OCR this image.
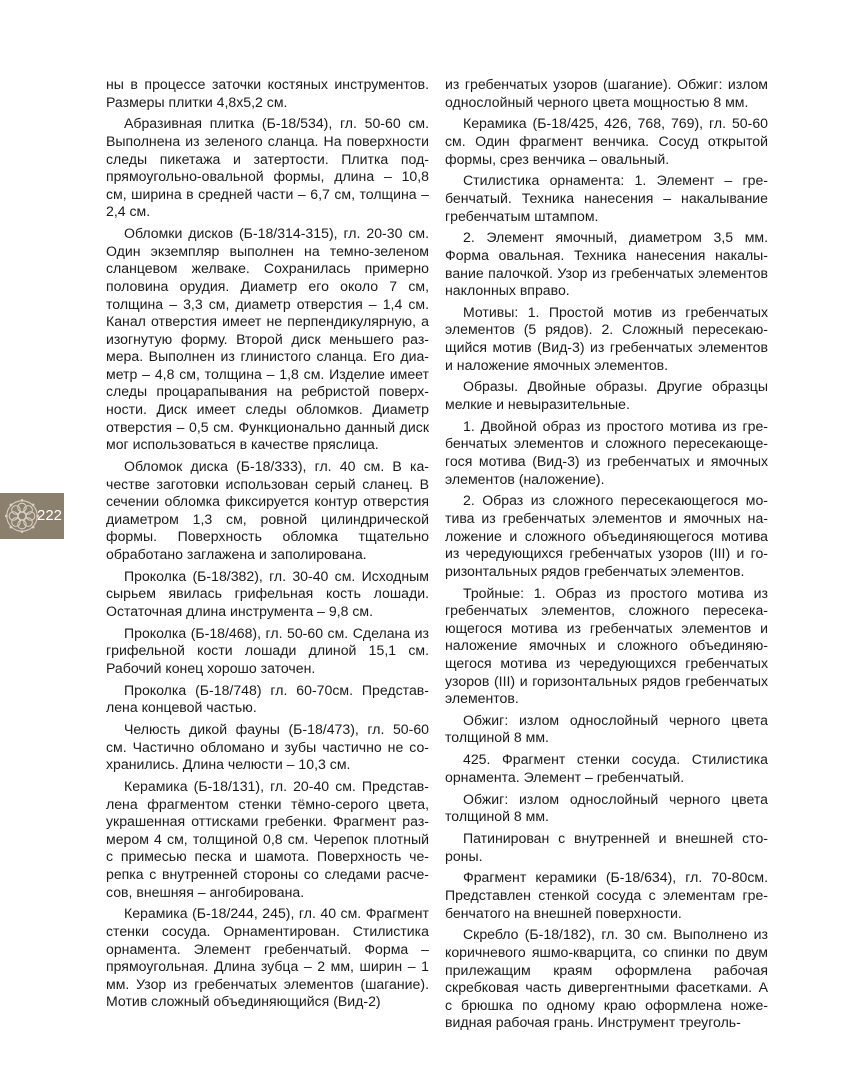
ны в процессе заточки костяных инструментов. Размеры плитки 4,8х5,2 см.

Абразивная плитка (Б-18/534), гл. 50-60 см. Выполнена из зеленого сланца. На поверхности следы пикетажа и затертости. Плитка подпрямоугольно-овальной формы, длина – 10,8 см, ширина в средней части – 6,7 см, толщина – 2,4 см.

Обломки дисков (Б-18/314-315), гл. 20-30 см. Один экземпляр выполнен на темно-зеленом сланцевом желваке. Сохранилась примерно половина орудия. Диаметр его около 7 см, толщина – 3,3 см, диаметр отверстия – 1,4 см. Канал отверстия имеет не перпендикулярную, а изогнутую форму. Второй диск меньшего размера. Выполнен из глинистого сланца. Его диаметр – 4,8 см, толщина – 1,8 см. Изделие имеет следы процарапывания на ребристой поверхности. Диск имеет следы обломков. Диаметр отверстия – 0,5 см. Функционально данный диск мог использоваться в качестве пряслица.

Обломок диска (Б-18/333), гл. 40 см. В качестве заготовки использован серый сланец. В сечении обломка фиксируется контур отверстия диаметром 1,3 см, ровной цилиндрической формы. Поверхность обломка тщательно обработано заглажена и заполирована.

Проколка (Б-18/382), гл. 30-40 см. Исходным сырьем явилась грифельная кость лошади. Остаточная длина инструмента – 9,8 см.

Проколка (Б-18/468), гл. 50-60 см. Сделана из грифельной кости лошади длиной 15,1 см. Рабочий конец хорошо заточен.

Проколка (Б-18/748) гл. 60-70см. Представлена концевой частью.

Челюсть дикой фауны (Б-18/473), гл. 50-60 см. Частично обломано и зубы частично не сохранились. Длина челюсти – 10,3 см.

Керамика (Б-18/131), гл. 20-40 см. Представлена фрагментом стенки тёмно-серого цвета, украшенная оттисками гребенки. Фрагмент размером 4 см, толщиной 0,8 см. Черепок плотный с примесью песка и шамота. Поверхность черепка с внутренней стороны со следами расчесов, внешняя – ангобирована.

Керамика (Б-18/244, 245), гл. 40 см. Фрагмент стенки сосуда. Орнаментирован. Стилистика орнамента. Элемент гребенчатый. Форма – прямоугольная. Длина зубца – 2 мм, ширин – 1 мм. Узор из гребенчатых элементов (шагание). Мотив сложный объединяющийся (Вид-2)

из гребенчатых узоров (шагание). Обжиг: излом однослойный черного цвета мощностью 8 мм.

Керамика (Б-18/425, 426, 768, 769), гл. 50-60 см. Один фрагмент венчика. Сосуд открытой формы, срез венчика – овальный.

Стилистика орнамента: 1. Элемент – гребенчатый. Техника нанесения – накалывание гребенчатым штампом.

2. Элемент ямочный, диаметром 3,5 мм. Форма овальная. Техника нанесения накалывание палочкой. Узор из гребенчатых элементов наклонных вправо.

Мотивы: 1. Простой мотив из гребенчатых элементов (5 рядов). 2. Сложный пересекающийся мотив (Вид-3) из гребенчатых элементов и наложение ямочных элементов.

Образы. Двойные образы. Другие образцы мелкие и невыразительные.

1. Двойной образ из простого мотива из гребенчатых элементов и сложного пересекающегося мотива (Вид-3) из гребенчатых и ямочных элементов (наложение).

2. Образ из сложного пересекающегося мотива из гребенчатых элементов и ямочных наложение и сложного объединяющегося мотива из чередующихся гребенчатых узоров (III) и горизонтальных рядов гребенчатых элементов.

Тройные: 1. Образ из простого мотива из гребенчатых элементов, сложного пересекающегося мотива из гребенчатых элементов и наложение ямочных и сложного объединяющегося мотива из чередующихся гребенчатых узоров (III) и горизонтальных рядов гребенчатых элементов.

Обжиг: излом однослойный черного цвета толщиной 8 мм.

425. Фрагмент стенки сосуда. Стилистика орнамента. Элемент – гребенчатый.

Обжиг: излом однослойный черного цвета толщиной 8 мм.

Патинирован с внутренней и внешней стороны.

Фрагмент керамики (Б-18/634), гл. 70-80см. Представлен стенкой сосуда с элементам гребенчатого на внешней поверхности.

Скребло (Б-18/182), гл. 30 см. Выполнено из коричневого яшмо-кварцита, со спинки по двум прилежащим краям оформлена рабочая скребковая часть дивергентными фасетками. А с брюшка по одному краю оформлена ножевидная рабочая грань. Инструмент треуголь-

222
